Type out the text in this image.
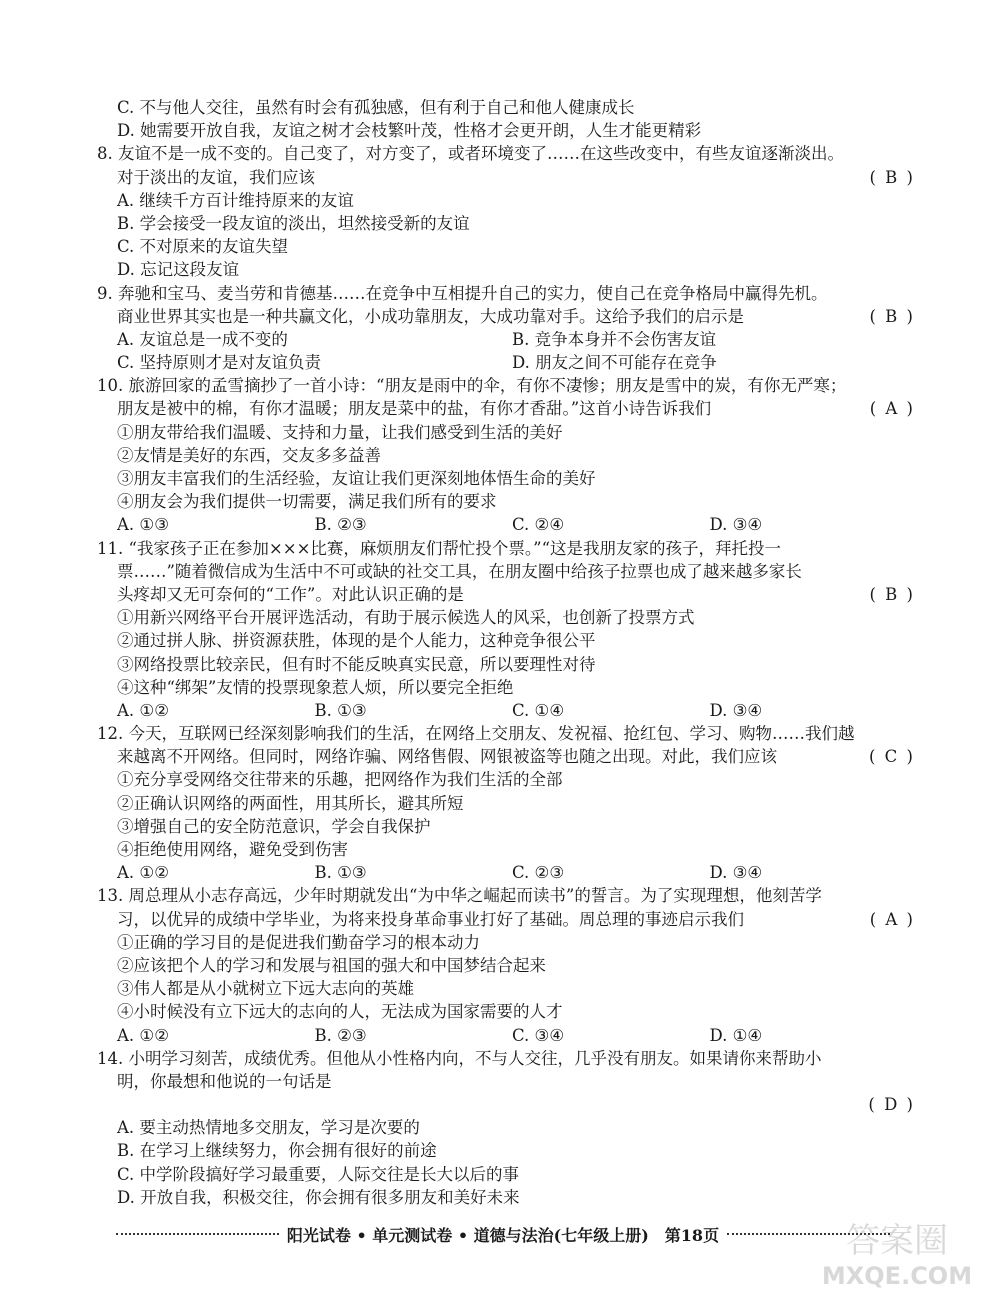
C. 不与他人交往，虽然有时会有孤独感，但有利于自己和他人健康成长
D. 她需要开放自我，友谊之树才会枝繁叶茂，性格才会更开朗，人生才能更精彩
8. 友谊不是一成不变的。自己变了，对方变了，或者环境变了……在这些改变中，有些友谊逐渐淡出。
对于淡出的友谊，我们应该	( B )
A. 继续千方百计维持原来的友谊
B. 学会接受一段友谊的淡出，坦然接受新的友谊
C. 不对原来的友谊失望
D. 忘记这段友谊
9. 奔驰和宝马、麦当劳和肯德基……在竞争中互相提升自己的实力，使自己在竞争格局中赢得先机。
商业世界其实也是一种共赢文化，小成功靠朋友，大成功靠对手。这给予我们的启示是	( B )
A. 友谊总是一成不变的	B. 竞争本身并不会伤害友谊
C. 坚持原则才是对友谊负责	D. 朋友之间不可能存在竞争
10. 旅游回家的孟雪摘抄了一首小诗：“朋友是雨中的伞，有你不凄惨；朋友是雪中的炭，有你无严寒；
朋友是被中的棉，有你才温暖；朋友是菜中的盐，有你才香甜。”这首小诗告诉我们	( A )
①朋友带给我们温暖、支持和力量，让我们感受到生活的美好
②友情是美好的东西，交友多多益善
③朋友丰富我们的生活经验，友谊让我们更深刻地体悟生命的美好
④朋友会为我们提供一切需要，满足我们所有的要求
A. ①③	B. ②③	C. ②④	D. ③④
11. “我家孩子正在参加×××比赛，麻烦朋友们帮忙投个票。”“这是我朋友家的孩子，拜托投一
票……”随着微信成为生活中不可或缺的社交工具，在朋友圈中给孩子拉票也成了越来越多家长
头疼却又无可奈何的“工作”。对此认识正确的是	( B )
①用新兴网络平台开展评选活动，有助于展示候选人的风采，也创新了投票方式
②通过拼人脉、拼资源获胜，体现的是个人能力，这种竞争很公平
③网络投票比较亲民，但有时不能反映真实民意，所以要理性对待
④这种“绑架”友情的投票现象惹人烦，所以要完全拒绝
A. ①②	B. ①③	C. ①④	D. ③④
12. 今天，互联网已经深刻影响我们的生活，在网络上交朋友、发祝福、抢红包、学习、购物……我们越
来越离不开网络。但同时，网络诈骗、网络售假、网银被盗等也随之出现。对此，我们应该	( C )
①充分享受网络交往带来的乐趣，把网络作为我们生活的全部
②正确认识网络的两面性，用其所长，避其所短
③增强自己的安全防范意识，学会自我保护
④拒绝使用网络，避免受到伤害
A. ①②	B. ①③	C. ②③	D. ③④
13. 周总理从小志存高远，少年时期就发出“为中华之崛起而读书”的誓言。为了实现理想，他刻苦学
习，以优异的成绩中学毕业，为将来投身革命事业打好了基础。周总理的事迹启示我们	( A )
①正确的学习目的是促进我们勤奋学习的根本动力
②应该把个人的学习和发展与祖国的强大和中国梦结合起来
③伟人都是从小就树立下远大志向的英雄
④小时候没有立下远大的志向的人，无法成为国家需要的人才
A. ①②	B. ②③	C. ③④	D. ①④
14. 小明学习刻苦，成绩优秀。但他从小性格内向，不与人交往，几乎没有朋友。如果请你来帮助小
明，你最想和他说的一句话是
( D )
A. 要主动热情地多交朋友，学习是次要的
B. 在学习上继续努力，你会拥有很好的前途
C. 中学阶段搞好学习最重要，人际交往是长大以后的事
D. 开放自我，积极交往，你会拥有很多朋友和美好未来
阳光试卷 • 单元测试卷 • 道德与法治(七年级上册)　第18页	答案圈
MXQE.COM
